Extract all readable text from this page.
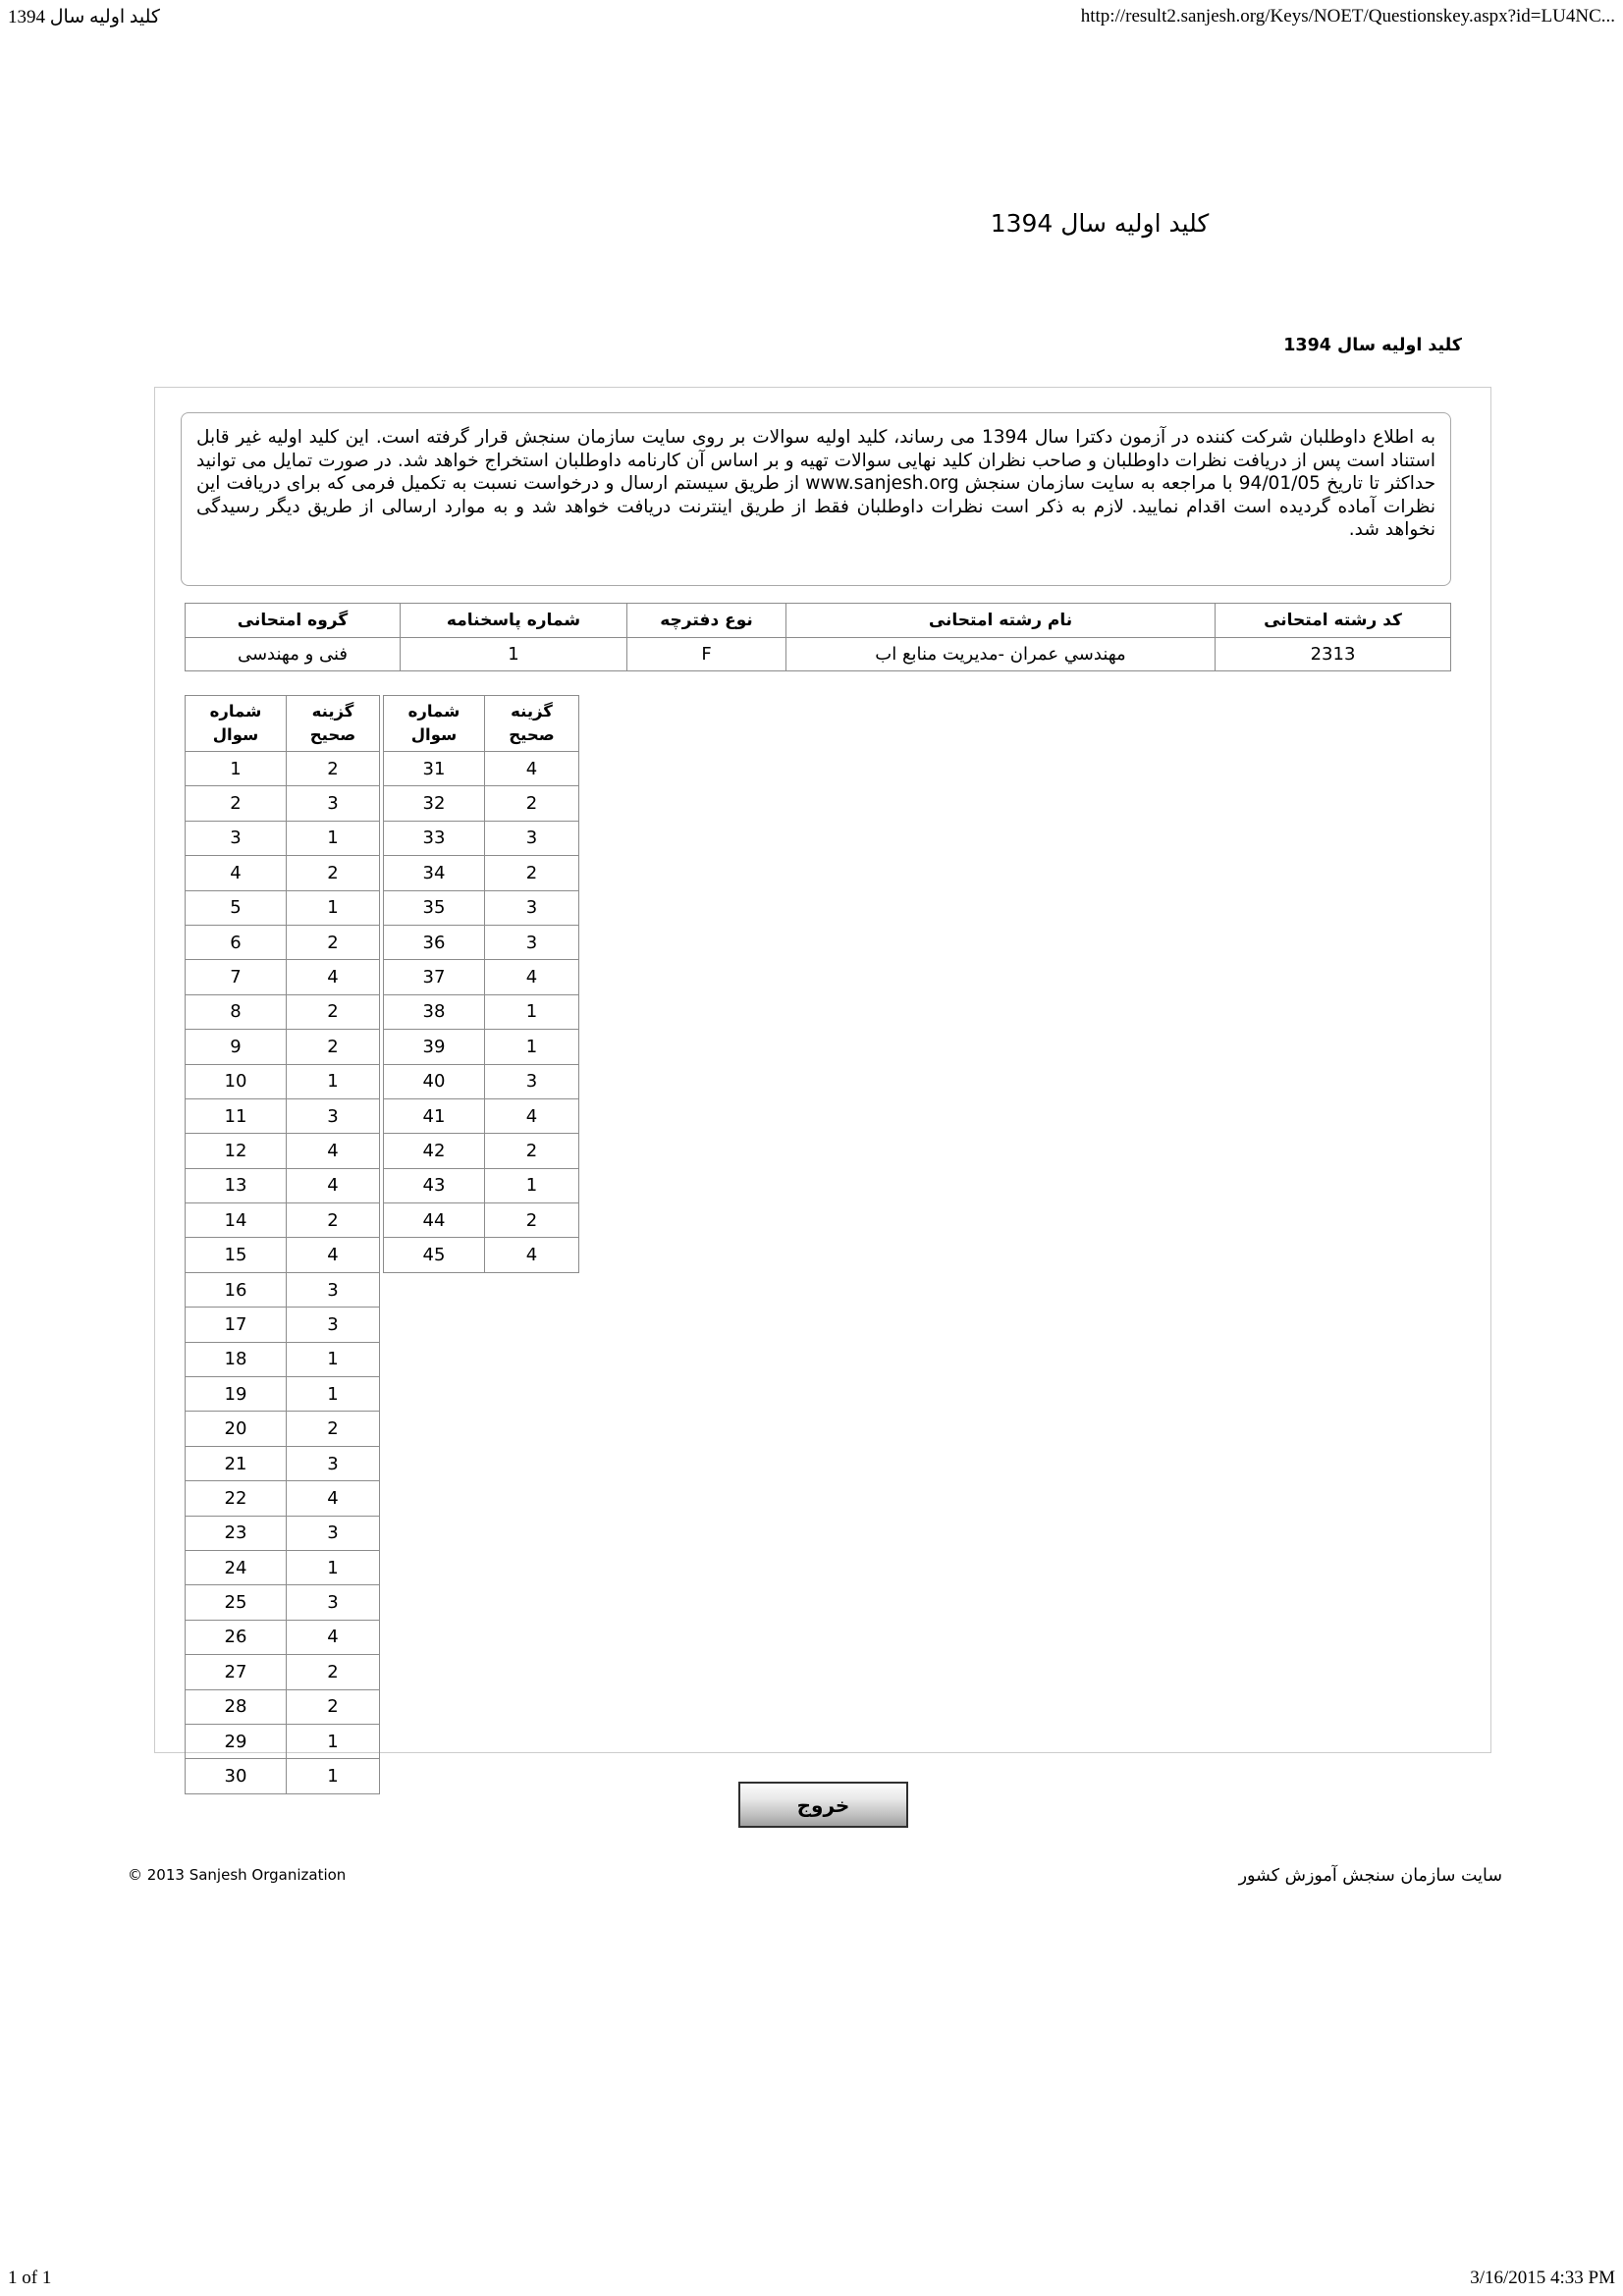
کلید اولیه سال 1394	http://result2.sanjesh.org/Keys/NOET/Questionskey.aspx?id=LU4NC...
کلید اولیه سال 1394
کلید اولیه سال 1394
به اطلاع داوطلبان شرکت کننده در آزمون دکترا سال 1394 می رساند، کلید اولیه سوالات بر روی سایت سازمان سنجش قرار گرفته است. این کلید اولیه غیر قابل استناد است پس از دریافت نظرات داوطلبان و صاحب نظران کلید نهایی سوالات تهیه و بر اساس آن کارنامه داوطلبان استخراج خواهد شد. در صورت تمایل می توانید حداکثر تا تاریخ 94/01/05 با مراجعه به سایت سازمان سنجش www.sanjesh.org از طریق سیستم ارسال و درخواست نسبت به تکمیل فرمی که برای دریافت این نظرات آماده گردیده است اقدام نمایید. لازم به ذکر است نظرات داوطلبان فقط از طریق اینترنت دریافت خواهد شد و به موارد ارسالی از طریق دیگر رسیدگی نخواهد شد.
کد رشته امتحانی	نام رشته امتحانی	نوع دفترچه	شماره پاسخنامه	گروه امتحانی
2313	مهندسي عمران -مديريت منابع اب	F	1	فنی و مهندسی
شماره سوال	گزینه صحیح
1	2
2	3
3	1
4	2
5	1
6	2
7	4
8	2
9	2
10	1
11	3
12	4
13	4
14	2
15	4
16	3
17	3
18	1
19	1
20	2
21	3
22	4
23	3
24	1
25	3
26	4
27	2
28	2
29	1
30	1
شماره سوال	گزینه صحیح
31	4
32	2
33	3
34	2
35	3
36	3
37	4
38	1
39	1
40	3
41	4
42	2
43	1
44	2
45	4
خروج
© 2013 Sanjesh Organization	سایت سازمان سنجش آموزش کشور
1 of 1	3/16/2015 4:33 PM
